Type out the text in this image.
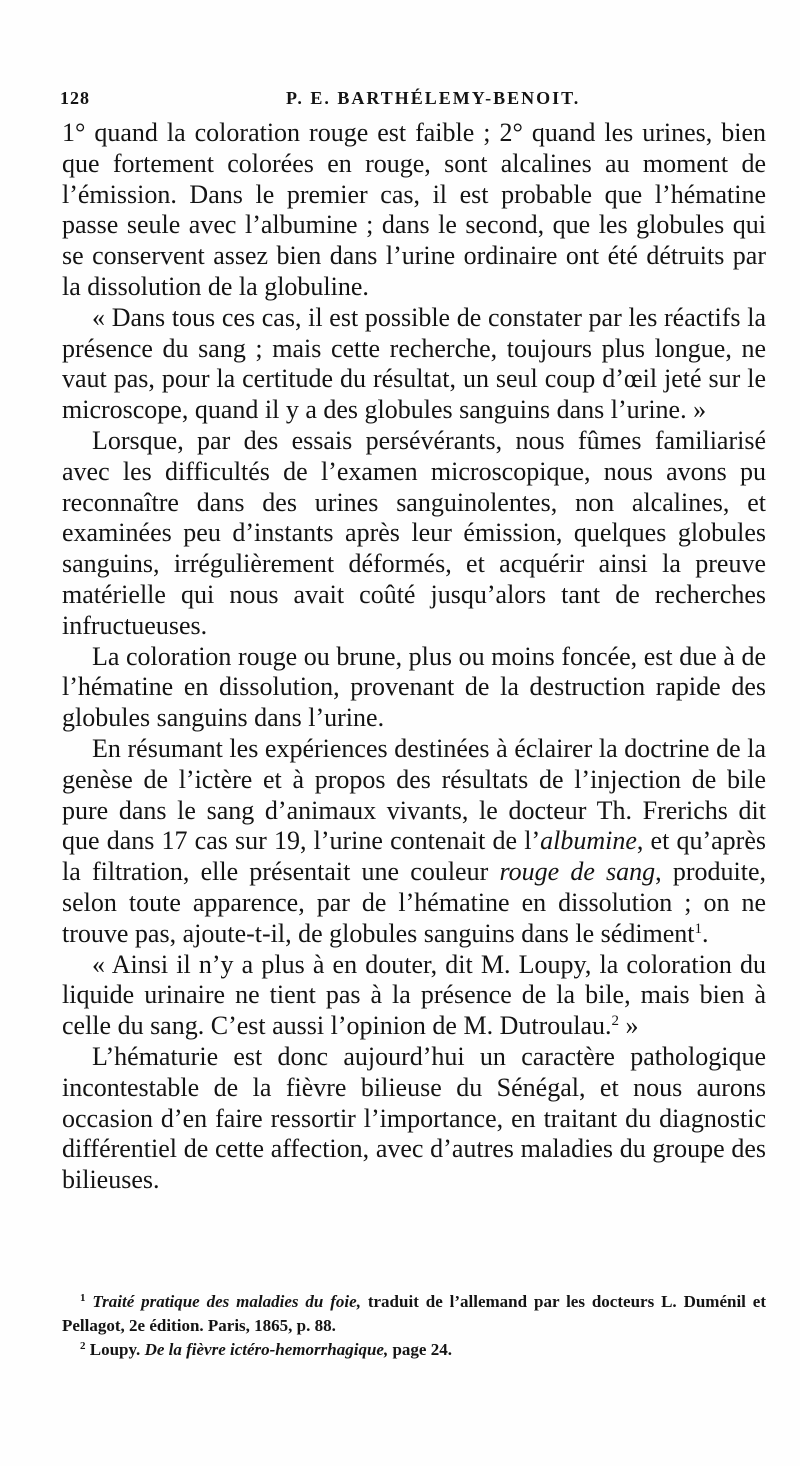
128	P. E. BARTHÉLEMY-BENOIT.

1° quand la coloration rouge est faible ; 2° quand les urines, bien que fortement colorées en rouge, sont alcalines au moment de l’émission. Dans le premier cas, il est probable que l’hématine passe seule avec l’albumine ; dans le second, que les globules qui se conservent assez bien dans l’urine ordinaire ont été détruits par la dissolution de la globuline.

« Dans tous ces cas, il est possible de constater par les réactifs la présence du sang ; mais cette recherche, toujours plus longue, ne vaut pas, pour la certitude du résultat, un seul coup d’œil jeté sur le microscope, quand il y a des globules sanguins dans l’urine. »

Lorsque, par des essais persévérants, nous fûmes familiarisé avec les difficultés de l’examen microscopique, nous avons pu reconnaître dans des urines sanguinolentes, non alcalines, et examinées peu d’instants après leur émission, quelques globules sanguins, irrégulièrement déformés, et acquérir ainsi la preuve matérielle qui nous avait coûté jusqu’alors tant de recherches infructueuses.

La coloration rouge ou brune, plus ou moins foncée, est due à de l’hématine en dissolution, provenant de la destruction rapide des globules sanguins dans l’urine.

En résumant les expériences destinées à éclairer la doctrine de la genèse de l’ictère et à propos des résultats de l’injection de bile pure dans le sang d’animaux vivants, le docteur Th. Frerichs dit que dans 17 cas sur 19, l’urine contenait de l’albumine, et qu’après la filtration, elle présentait une couleur rouge de sang, produite, selon toute apparence, par de l’hématine en dissolution ; on ne trouve pas, ajoute-t-il, de globules sanguins dans le sédiment$^1$.

« Ainsi il n’y a plus à en douter, dit M. Loupy, la coloration du liquide urinaire ne tient pas à la présence de la bile, mais bien à celle du sang. C’est aussi l’opinion de M. Dutroulau.$^2$ »

L’hématurie est donc aujourd’hui un caractère pathologique incontestable de la fièvre bilieuse du Sénégal, et nous aurons occasion d’en faire ressortir l’importance, en traitant du diagnostic différentiel de cette affection, avec d’autres maladies du groupe des bilieuses.

$^1$ Traité pratique des maladies du foie, traduit de l’allemand par les docteurs L. Duménil et Pellagot, 2e édition. Paris, 1865, p. 88.

$^2$ Loupy. De la fièvre ictéro-hemorrhagique, page 24.
